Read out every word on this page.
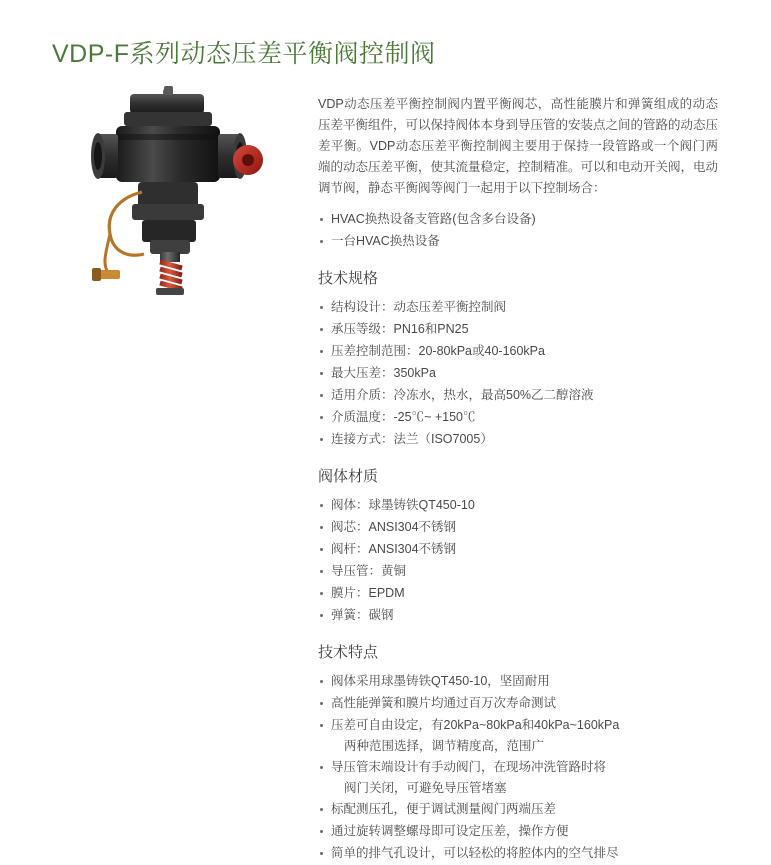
VDP-F系列动态压差平衡阀控制阀

VDP动态压差平衡控制阀内置平衡阀芯，高性能膜片和弹簧组成的动态压差平衡组件，可以保持阀体本身到导压管的安装点之间的管路的动态压差平衡。VDP动态压差平衡控制阀主要用于保持一段管路或一个阀门两端的动态压差平衡，使其流量稳定，控制精准。可以和电动开关阀，电动调节阀，静态平衡阀等阀门一起用于以下控制场合：

HVAC换热设备支管路(包含多台设备)
一台HVAC换热设备
技术规格
结构设计：动态压差平衡控制阀
承压等级：PN16和PN25
压差控制范围：20-80kPa或40-160kPa
最大压差：350kPa
适用介质：冷冻水，热水，最高50%乙二醇溶液
介质温度：-25℃~ +150℃
连接方式：法兰（ISO7005）
阀体材质
阀体：球墨铸铁QT450-10
阀芯：ANSI304不锈钢
阀杆：ANSI304不锈钢
导压管：黄铜
膜片：EPDM
弹簧：碳钢
技术特点
阀体采用球墨铸铁QT450-10，坚固耐用
高性能弹簧和膜片均通过百万次寿命测试
压差可自由设定，有20kPa~80kPa和40kPa~160kPa
两种范围选择，调节精度高，范围广
导压管末端设计有手动阀门，在现场冲洗管路时将
阀门关闭，可避免导压管堵塞
标配测压孔，便于调试测量阀门两端压差
通过旋转调整螺母即可设定压差，操作方便
简单的排气孔设计，可以轻松的将腔体内的空气排尽
